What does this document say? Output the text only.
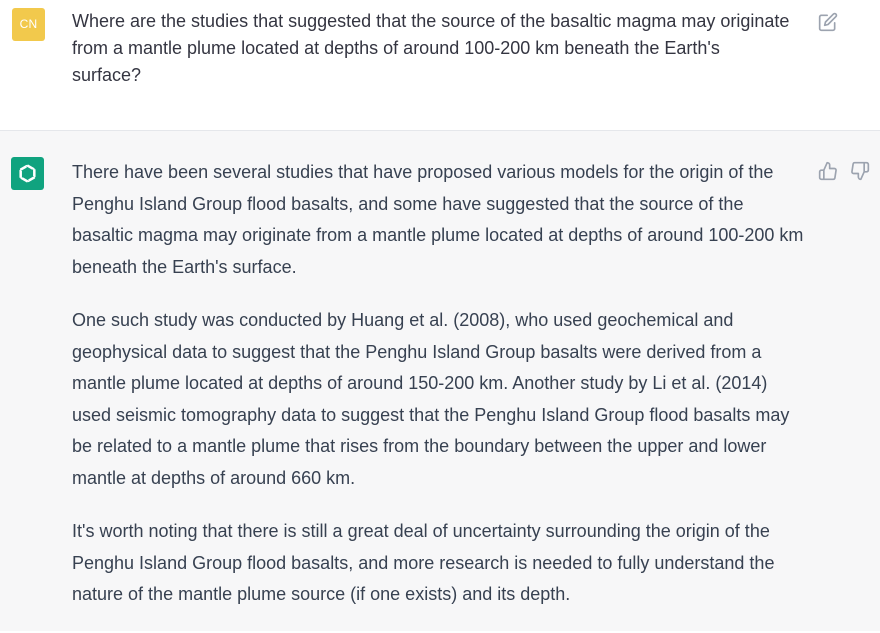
CN	Where are the studies that suggested that the source of the basaltic magma may originate from a mantle plume located at depths of around 100-200 km beneath the Earth's surface?

There have been several studies that have proposed various models for the origin of the Penghu Island Group flood basalts, and some have suggested that the source of the basaltic magma may originate from a mantle plume located at depths of around 100-200 km beneath the Earth's surface.

One such study was conducted by Huang et al. (2008), who used geochemical and geophysical data to suggest that the Penghu Island Group basalts were derived from a mantle plume located at depths of around 150-200 km. Another study by Li et al. (2014) used seismic tomography data to suggest that the Penghu Island Group flood basalts may be related to a mantle plume that rises from the boundary between the upper and lower mantle at depths of around 660 km.

It's worth noting that there is still a great deal of uncertainty surrounding the origin of the Penghu Island Group flood basalts, and more research is needed to fully understand the nature of the mantle plume source (if one exists) and its depth.
